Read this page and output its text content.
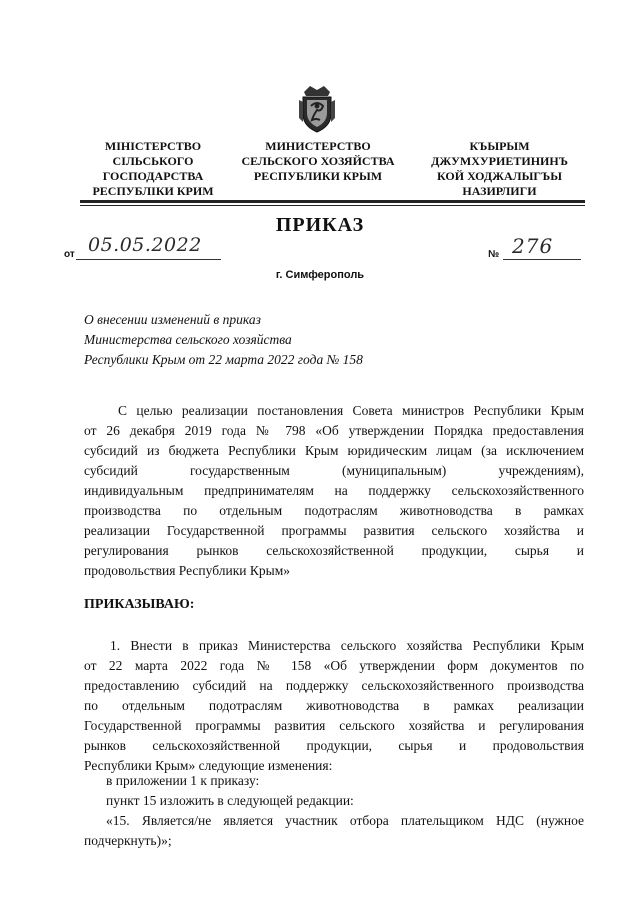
МІНІСТЕРСТВО
СІЛЬСЬКОГО
ГОСПОДАРСТВА
РЕСПУБЛІКИ КРИМ
МИНИСТЕРСТВО
СЕЛЬСКОГО ХОЗЯЙСТВА
РЕСПУБЛИКИ КРЫМ
КЪЫРЫМ
ДЖУМХУРИЕТИНИНЪ
КОЙ ХОДЖАЛЫГЪЫ
НАЗИРЛИГИ
ПРИКАЗ
от 05.05.2022	№ 276
г. Симферополь
О внесении изменений в приказ
Министерства сельского хозяйства
Республики Крым от 22 марта 2022 года № 158
С целью реализации постановления Совета министров Республики Крым
от 26 декабря 2019 года № 798 «Об утверждении Порядка предоставления
субсидий из бюджета Республики Крым юридическим лицам (за исключением
субсидий государственным (муниципальным) учреждениям),
индивидуальным предпринимателям на поддержку сельскохозяйственного
производства по отдельным подотраслям животноводства в рамках
реализации Государственной программы развития сельского хозяйства и
регулирования рынков сельскохозяйственной продукции, сырья и
продовольствия Республики Крым»
ПРИКАЗЫВАЮ:
1. Внести в приказ Министерства сельского хозяйства Республики Крым
от 22 марта 2022 года № 158 «Об утверждении форм документов по
предоставлению субсидий на поддержку сельскохозяйственного производства
по отдельным подотраслям животноводства в рамках реализации
Государственной программы развития сельского хозяйства и регулирования
рынков сельскохозяйственной продукции, сырья и продовольствия
Республики Крым» следующие изменения:
в приложении 1 к приказу:
пункт 15 изложить в следующей редакции:
«15. Является/не является участник отбора плательщиком НДС (нужное
подчеркнуть)»;
